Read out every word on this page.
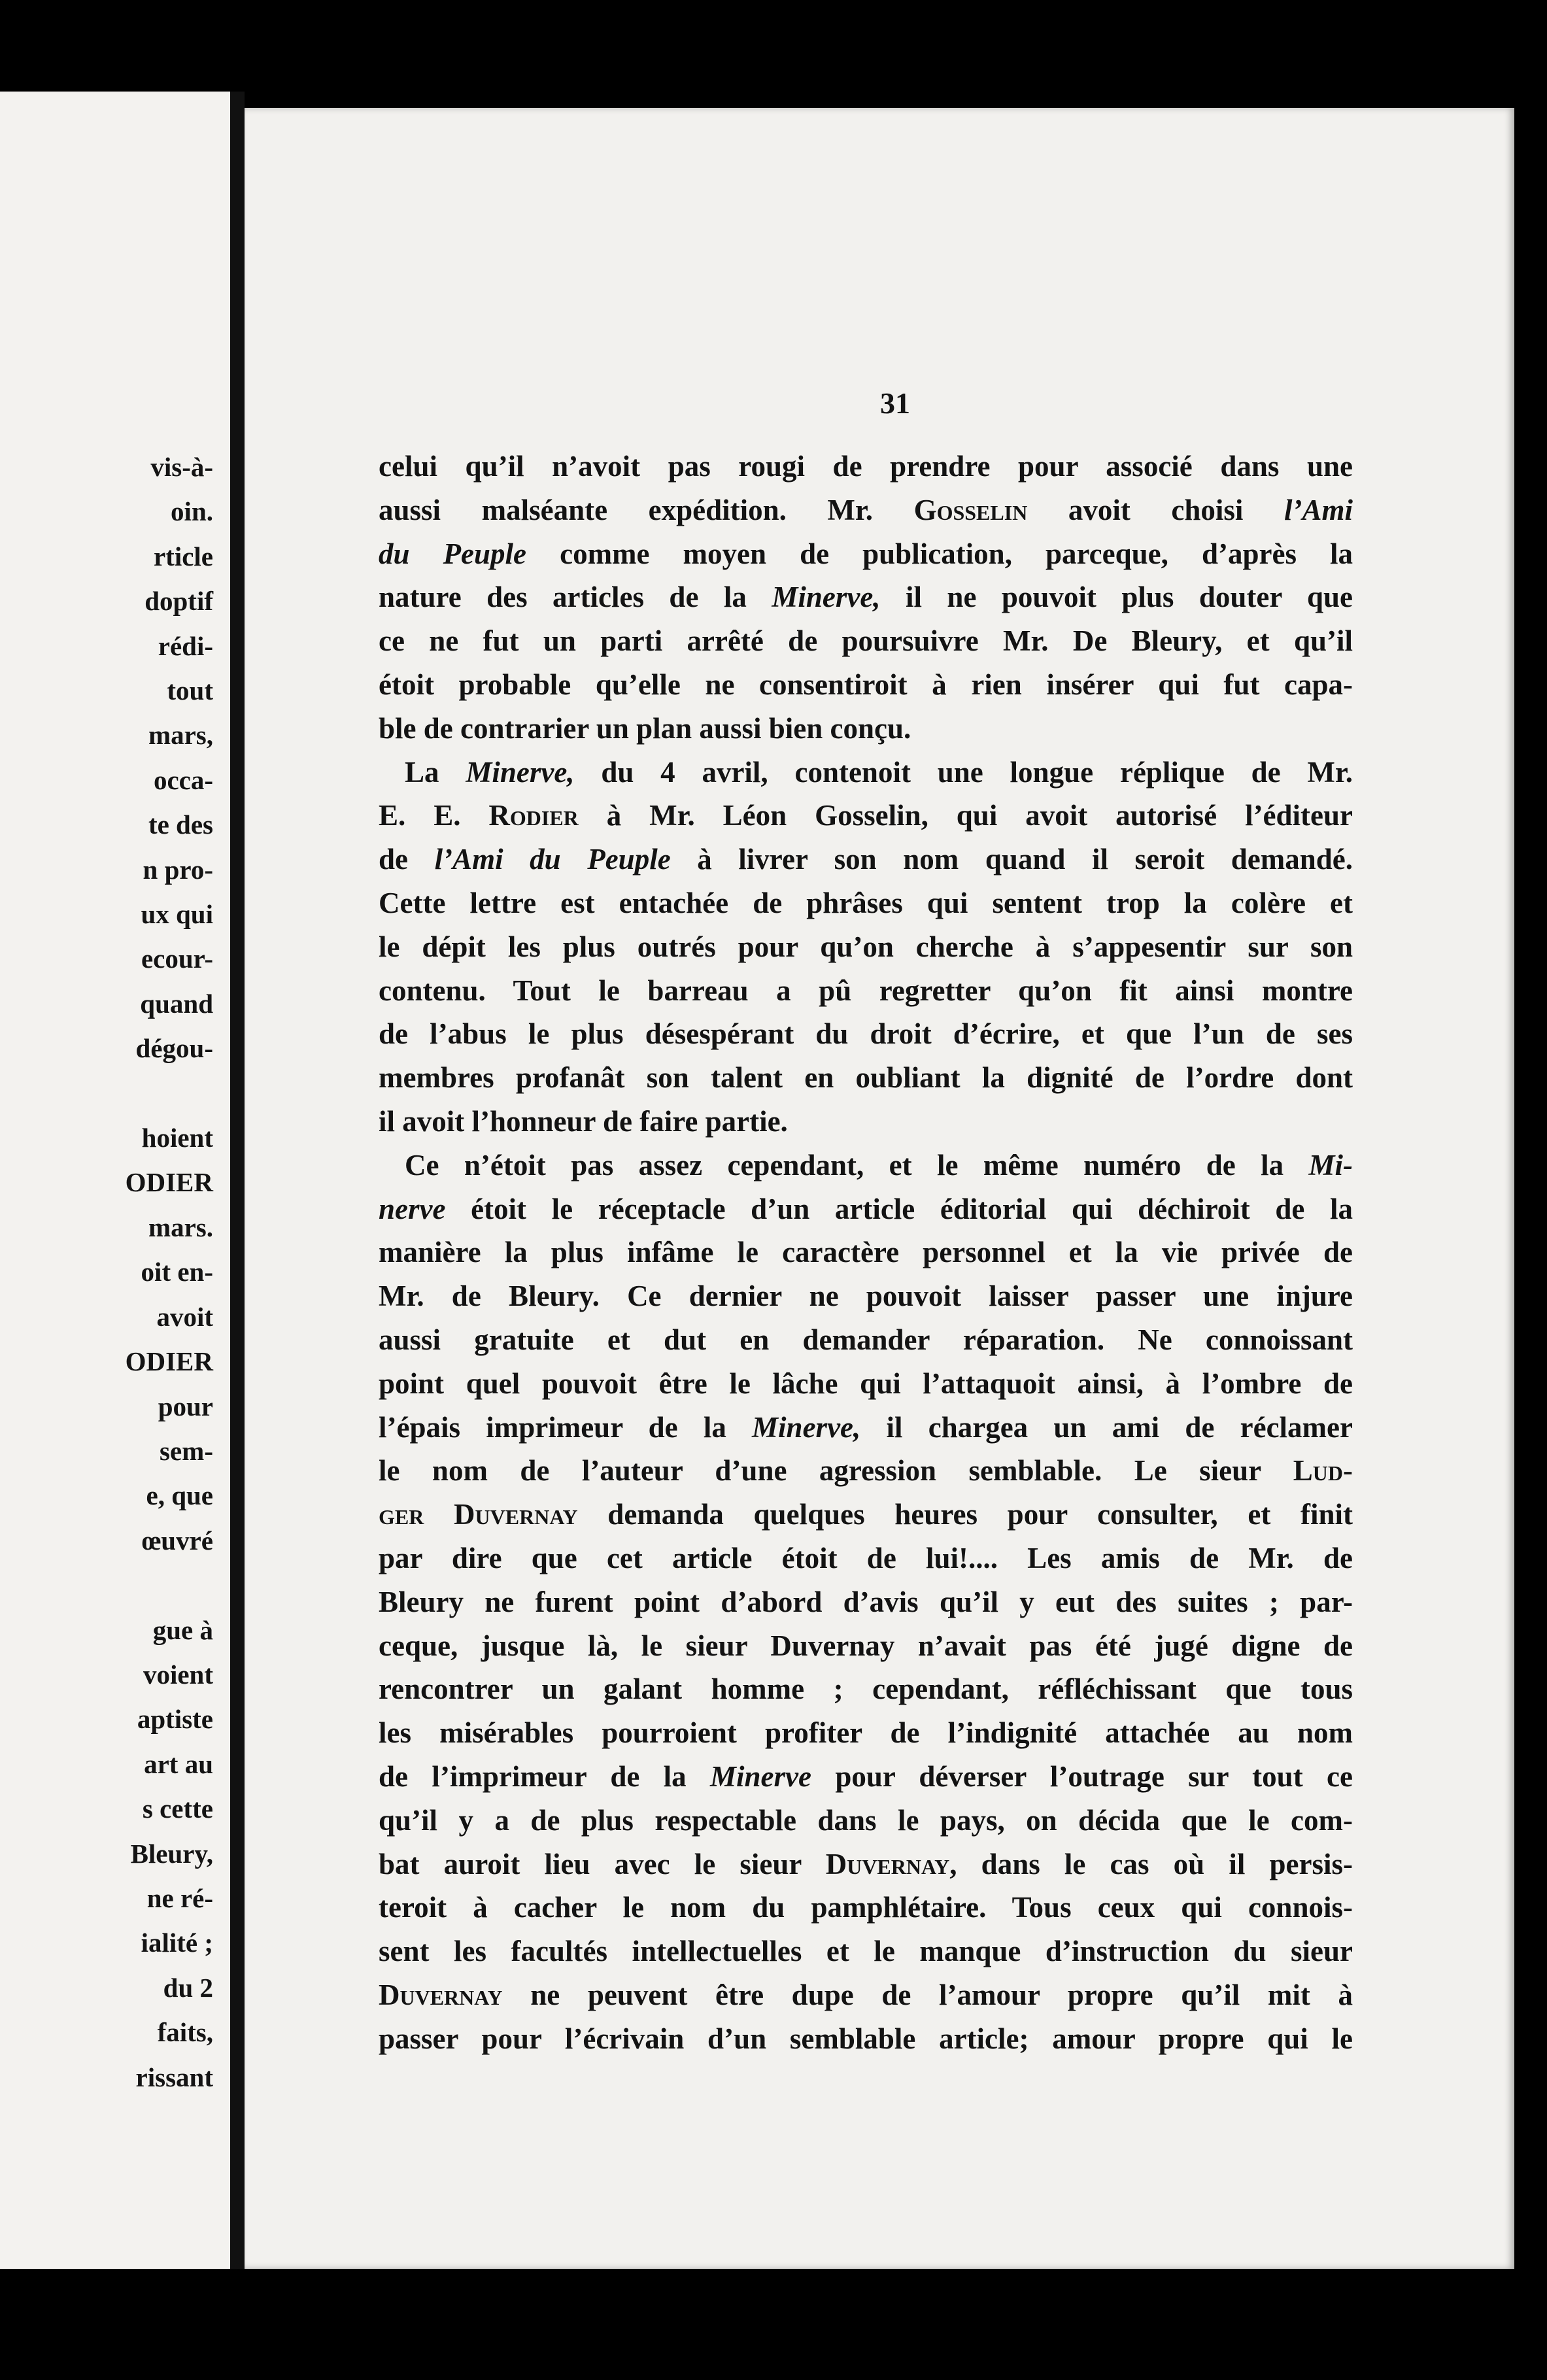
vis-à-
oin.
rticle
doptif
rédi-
tout
mars,
occa-
te des
n pro-
ux qui
ecour-
quand
dégou-
hoient
ODIER
mars.
oit en-
avoit
ODIER
pour
sem-
e, que
œuvré
gue à
voient
aptiste
art au
s cette
Bleury,
ne ré-
ialité ;
du 2
faits,
rissant
31
celui qu’il n’avoit pas rougi de prendre pour associé dans une
aussi malséante expédition. Mr. Gosselin avoit choisi l’Ami
du Peuple comme moyen de publication, parceque, d’après la
nature des articles de la Minerve, il ne pouvoit plus douter que
ce ne fut un parti arrêté de poursuivre Mr. De Bleury, et qu’il
étoit probable qu’elle ne consentiroit à rien insérer qui fut capa-
ble de contrarier un plan aussi bien conçu.
La Minerve, du 4 avril, contenoit une longue réplique de Mr.
E. E. Rodier à Mr. Léon Gosselin, qui avoit autorisé l’éditeur
de l’Ami du Peuple à livrer son nom quand il seroit demandé.
Cette lettre est entachée de phrâses qui sentent trop la colère et
le dépit les plus outrés pour qu’on cherche à s’appesentir sur son
contenu. Tout le barreau a pû regretter qu’on fit ainsi montre
de l’abus le plus désespérant du droit d’écrire, et que l’un de ses
membres profanât son talent en oubliant la dignité de l’ordre dont
il avoit l’honneur de faire partie.
Ce n’étoit pas assez cependant, et le même numéro de la Mi-
nerve étoit le réceptacle d’un article éditorial qui déchiroit de la
manière la plus infâme le caractère personnel et la vie privée de
Mr. de Bleury. Ce dernier ne pouvoit laisser passer une injure
aussi gratuite et dut en demander réparation. Ne connoissant
point quel pouvoit être le lâche qui l’attaquoit ainsi, à l’ombre de
l’épais imprimeur de la Minerve, il chargea un ami de réclamer
le nom de l’auteur d’une agression semblable. Le sieur Lud-
ger Duvernay demanda quelques heures pour consulter, et finit
par dire que cet article étoit de lui!.... Les amis de Mr. de
Bleury ne furent point d’abord d’avis qu’il y eut des suites ; par-
ceque, jusque là, le sieur Duvernay n’avait pas été jugé digne de
rencontrer un galant homme ; cependant, réfléchissant que tous
les misérables pourroient profiter de l’indignité attachée au nom
de l’imprimeur de la Minerve pour déverser l’outrage sur tout ce
qu’il y a de plus respectable dans le pays, on décida que le com-
bat auroit lieu avec le sieur Duvernay, dans le cas où il persis-
teroit à cacher le nom du pamphlétaire. Tous ceux qui connois-
sent les facultés intellectuelles et le manque d’instruction du sieur
Duvernay ne peuvent être dupe de l’amour propre qu’il mit à
passer pour l’écrivain d’un semblable article; amour propre qui le
